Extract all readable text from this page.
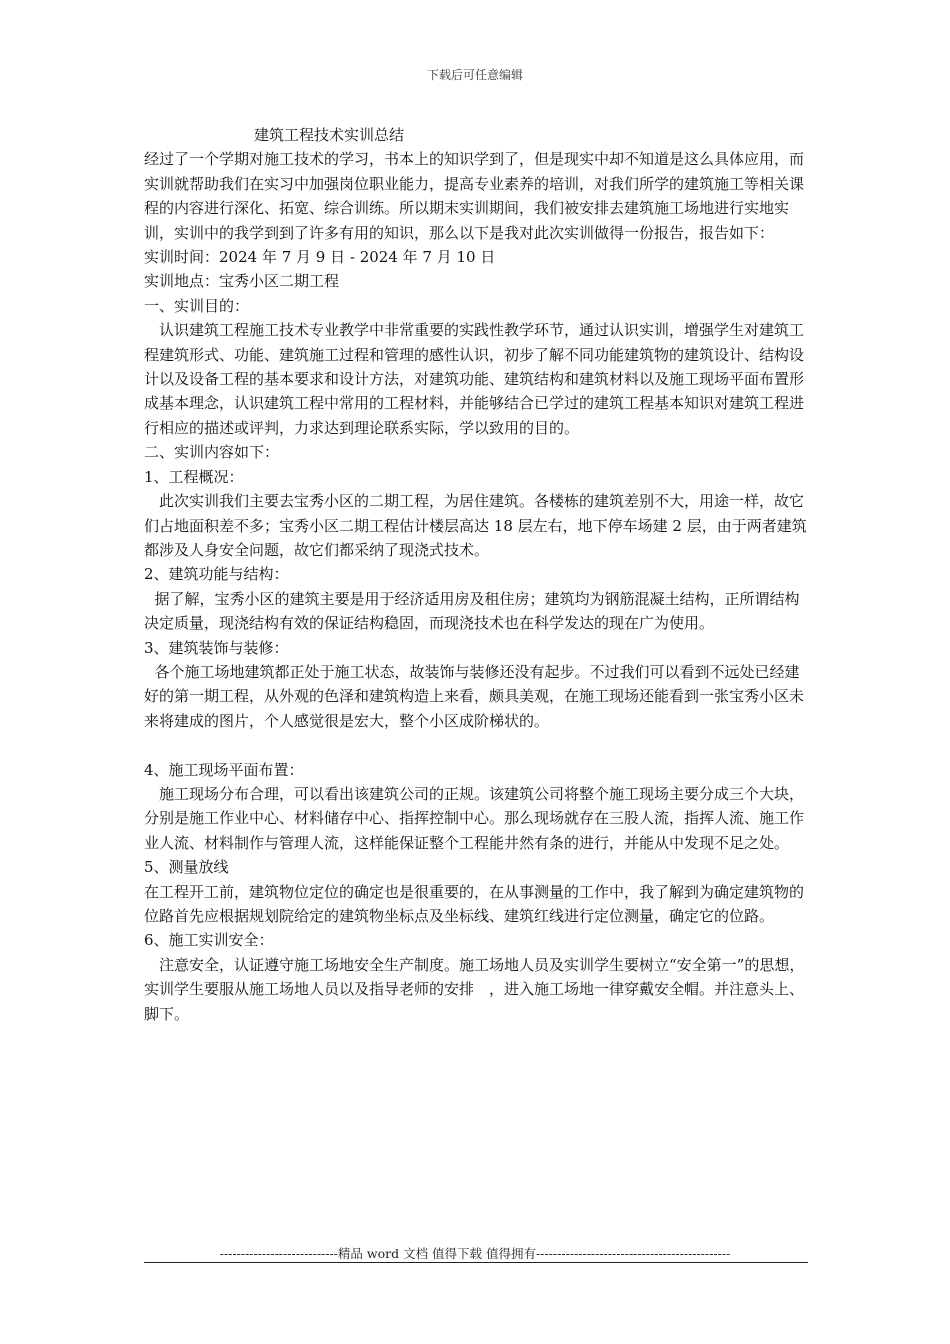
下载后可任意编辑

建筑工程技术实训总结

经过了一个学期对施工技术的学习，书本上的知识学到了，但是现实中却不知道是这么具体应用，而实训就帮助我们在实习中加强岗位职业能力，提高专业素养的培训，对我们所学的建筑施工等相关课程的内容进行深化、拓宽、综合训练。所以期末实训期间，我们被安排去建筑施工场地进行实地实训，实训中的我学到到了许多有用的知识，那么以下是我对此次实训做得一份报告，报告如下：

实训时间：2024 年 7 月 9 日 - 2024 年 7 月 10 日

实训地点：宝秀小区二期工程

一、实训目的：

认识建筑工程施工技术专业教学中非常重要的实践性教学环节，通过认识实训，增强学生对建筑工程建筑形式、功能、建筑施工过程和管理的感性认识，初步了解不同功能建筑物的建筑设计、结构设计以及设备工程的基本要求和设计方法，对建筑功能、建筑结构和建筑材料以及施工现场平面布置形成基本理念，认识建筑工程中常用的工程材料，并能够结合已学过的建筑工程基本知识对建筑工程进行相应的描述或评判，力求达到理论联系实际，学以致用的目的。

二、实训内容如下：

1、工程概况：

此次实训我们主要去宝秀小区的二期工程，为居住建筑。各楼栋的建筑差别不大，用途一样，故它们占地面积差不多；宝秀小区二期工程估计楼层高达 18 层左右，地下停车场建 2 层，由于两者建筑都涉及人身安全问题，故它们都采纳了现浇式技术。

2、建筑功能与结构：

据了解，宝秀小区的建筑主要是用于经济适用房及租住房；建筑均为钢筋混凝土结构，正所谓结构决定质量，现浇结构有效的保证结构稳固，而现浇技术也在科学发达的现在广为使用。

3、建筑装饰与装修：

各个施工场地建筑都正处于施工状态，故装饰与装修还没有起步。不过我们可以看到不远处已经建好的第一期工程，从外观的色泽和建筑构造上来看，颇具美观，在施工现场还能看到一张宝秀小区未来将建成的图片，个人感觉很是宏大，整个小区成阶梯状的。

4、施工现场平面布置：

施工现场分布合理，可以看出该建筑公司的正规。该建筑公司将整个施工现场主要分成三个大块，分别是施工作业中心、材料储存中心、指挥控制中心。那么现场就存在三股人流，指挥人流、施工作业人流、材料制作与管理人流，这样能保证整个工程能井然有条的进行，并能从中发现不足之处。

5、测量放线

在工程开工前，建筑物位定位的确定也是很重要的，在从事测量的工作中，我了解到为确定建筑物的位路首先应根据规划院给定的建筑物坐标点及坐标线、建筑红线进行定位测量，确定它的位路。

6、施工实训安全：

注意安全，认证遵守施工场地安全生产制度。施工场地人员及实训学生要树立“安全第一”的思想，实训学生要服从施工场地人员以及指导老师的安排　，进入施工场地一律穿戴安全帽。并注意头上、脚下。

----------------------------精品 word 文档 值得下载 值得拥有----------------------------------------------
